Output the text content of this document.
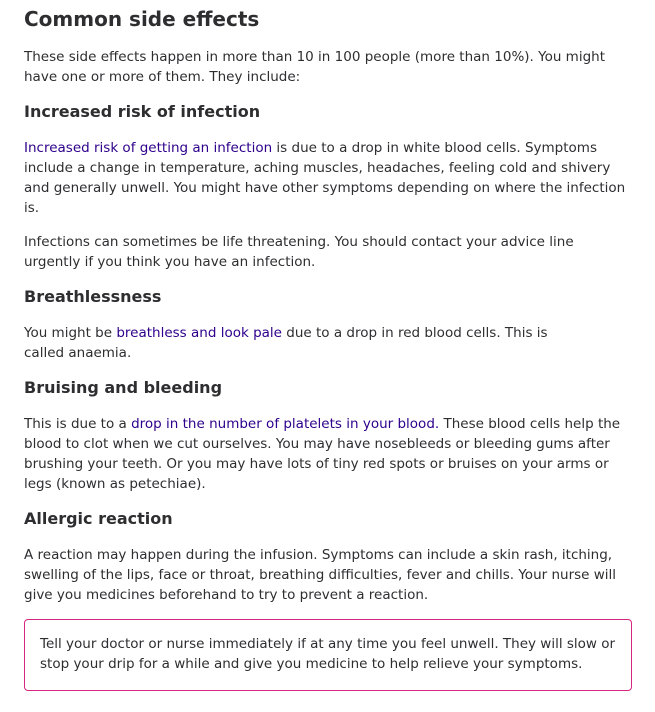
Common side effects

These side effects happen in more than 10 in 100 people (more than 10%). You might have one or more of them. They include:

Increased risk of infection

Increased risk of getting an infection is due to a drop in white blood cells. Symptoms include a change in temperature, aching muscles, headaches, feeling cold and shivery and generally unwell. You might have other symptoms depending on where the infection is.

Infections can sometimes be life threatening. You should contact your advice line urgently if you think you have an infection.

Breathlessness

You might be breathless and look pale due to a drop in red blood cells. This is
called anaemia.

Bruising and bleeding

This is due to a drop in the number of platelets in your blood. These blood cells help the blood to clot when we cut ourselves. You may have nosebleeds or bleeding gums after brushing your teeth. Or you may have lots of tiny red spots or bruises on your arms or legs (known as petechiae).

Allergic reaction

A reaction may happen during the infusion. Symptoms can include a skin rash, itching, swelling of the lips, face or throat, breathing difficulties, fever and chills. Your nurse will give you medicines beforehand to try to prevent a reaction.

Tell your doctor or nurse immediately if at any time you feel unwell. They will slow or stop your drip for a while and give you medicine to help relieve your symptoms.
